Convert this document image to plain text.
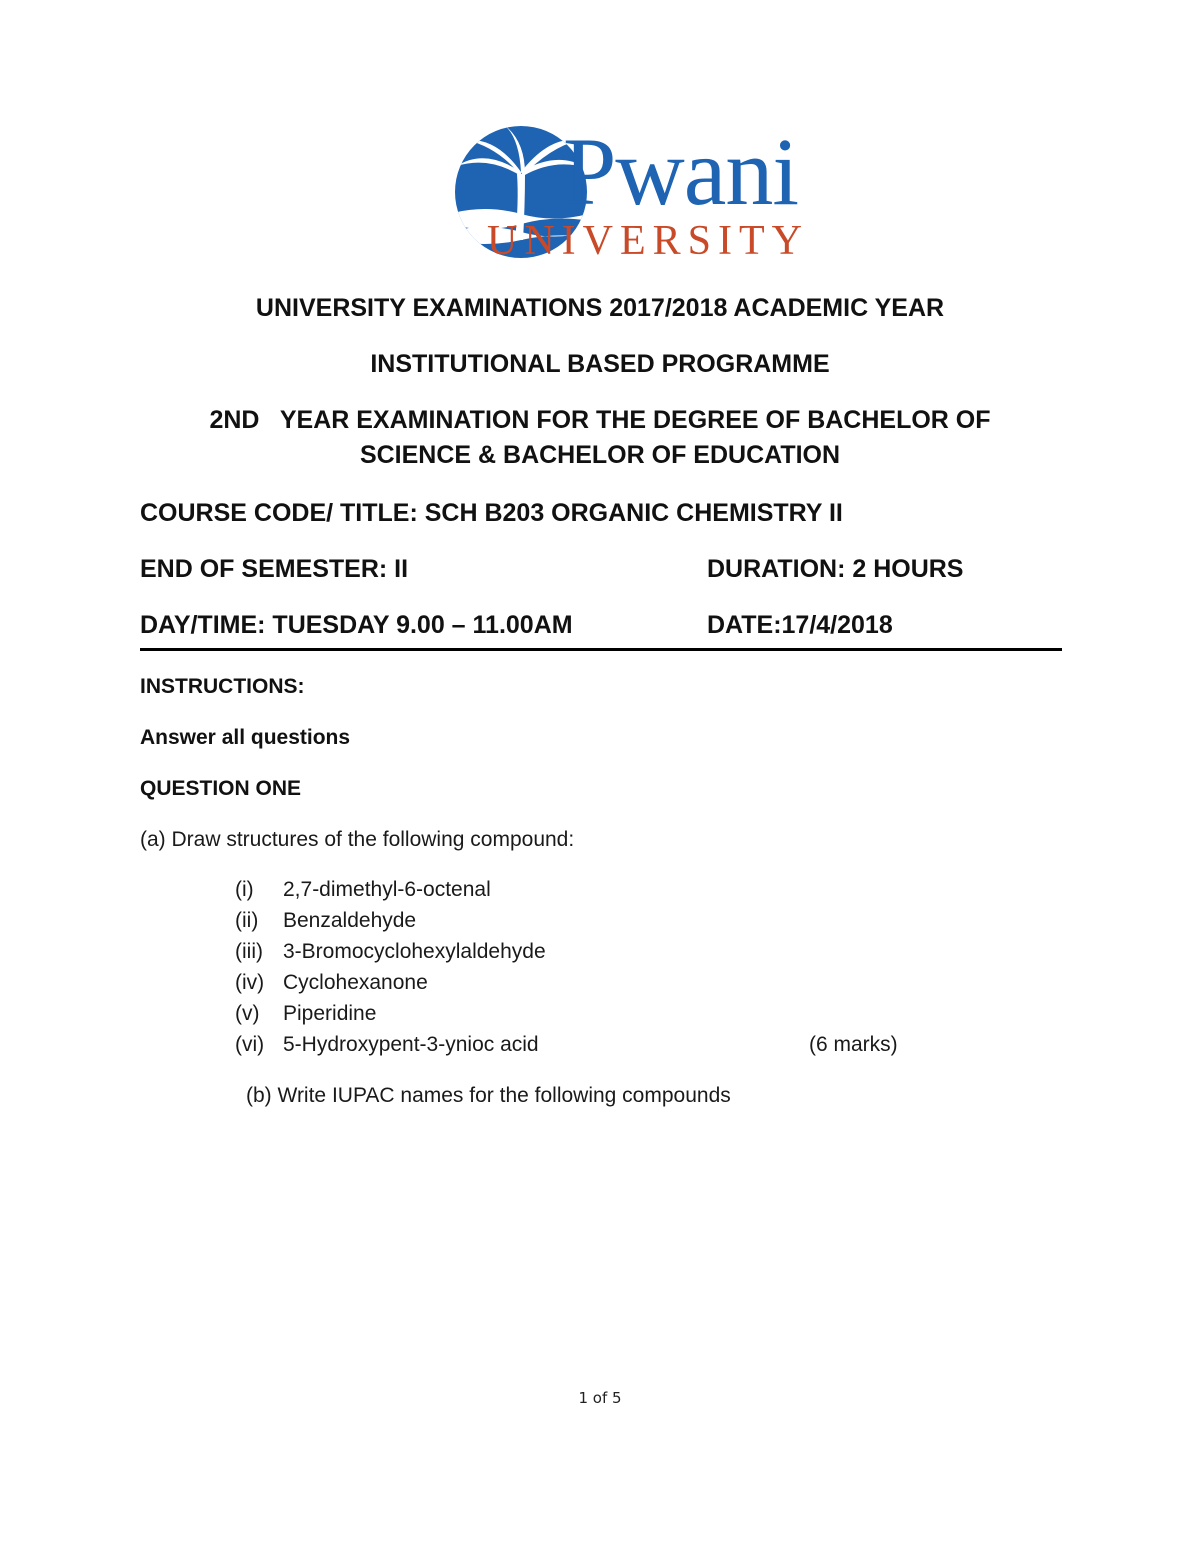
Pwani
UNIVERSITY
UNIVERSITY EXAMINATIONS 2017/2018 ACADEMIC YEAR
INSTITUTIONAL BASED PROGRAMME
2ND   YEAR EXAMINATION FOR THE DEGREE OF BACHELOR OF
SCIENCE & BACHELOR OF EDUCATION
COURSE CODE/ TITLE: SCH B203 ORGANIC CHEMISTRY II
END OF SEMESTER: II	DURATION: 2 HOURS
DAY/TIME: TUESDAY 9.00 – 11.00AM	DATE:17/4/2018
INSTRUCTIONS:
Answer all questions
QUESTION ONE
(a) Draw structures of the following compound:
(i) 2,7-dimethyl-6-octenal
(ii) Benzaldehyde
(iii) 3-Bromocyclohexylaldehyde
(iv) Cyclohexanone
(v) Piperidine
(vi) 5-Hydroxypent-3-ynioc acid	(6 marks)
(b) Write IUPAC names for the following compounds
1 of 5
